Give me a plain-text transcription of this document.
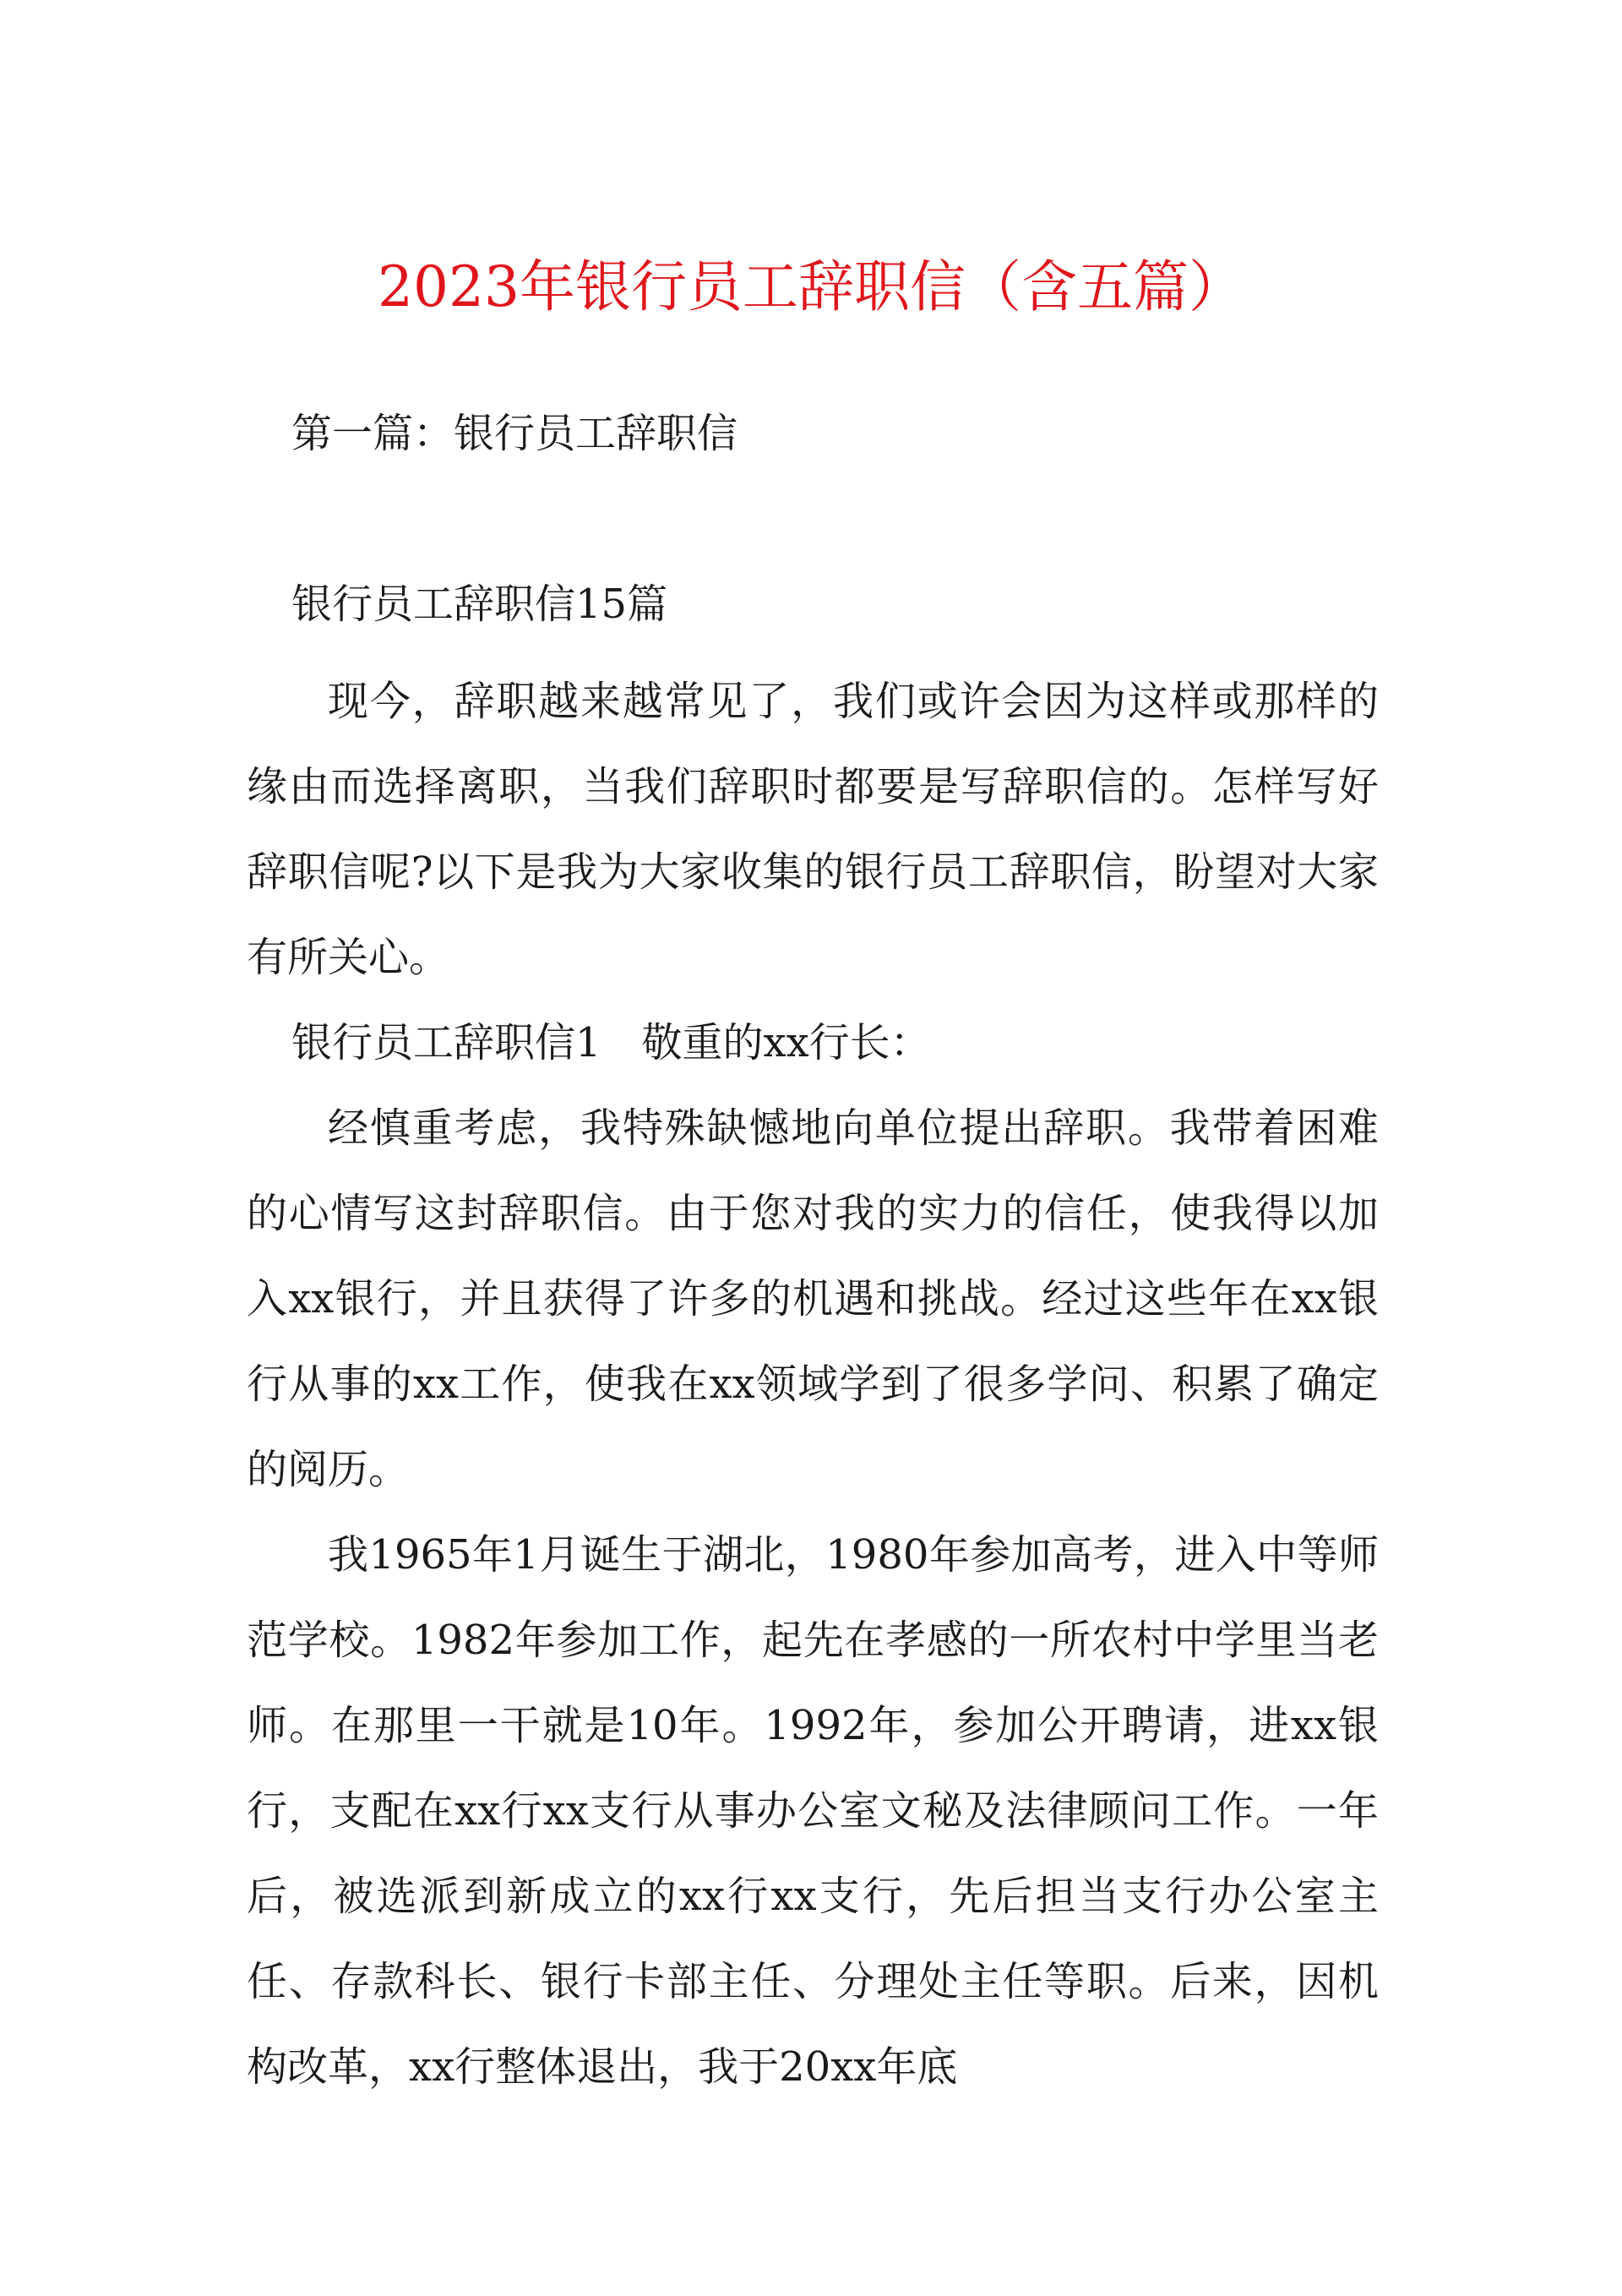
2023年银行员工辞职信（含五篇）
第一篇：银行员工辞职信
银行员工辞职信15篇

现今，辞职越来越常见了，我们或许会因为这样或那样的缘由而选择离职，当我们辞职时都要是写辞职信的。怎样写好辞职信呢?以下是我为大家收集的银行员工辞职信，盼望对大家有所关心。

银行员工辞职信1　敬重的xx行长：

经慎重考虑，我特殊缺憾地向单位提出辞职。我带着困难的心情写这封辞职信。由于您对我的实力的信任，使我得以加入xx银行，并且获得了许多的机遇和挑战。经过这些年在xx银行从事的xx工作，使我在xx领域学到了很多学问、积累了确定的阅历。

我1965年1月诞生于湖北，1980年参加高考，进入中等师范学校。1982年参加工作，起先在孝感的一所农村中学里当老师。在那里一干就是10年。1992年，参加公开聘请，进xx银行，支配在xx行xx支行从事办公室文秘及法律顾问工作。一年后，被选派到新成立的xx行xx支行，先后担当支行办公室主任、存款科长、银行卡部主任、分理处主任等职。后来，因机构改革，xx行整体退出，我于20xx年底
